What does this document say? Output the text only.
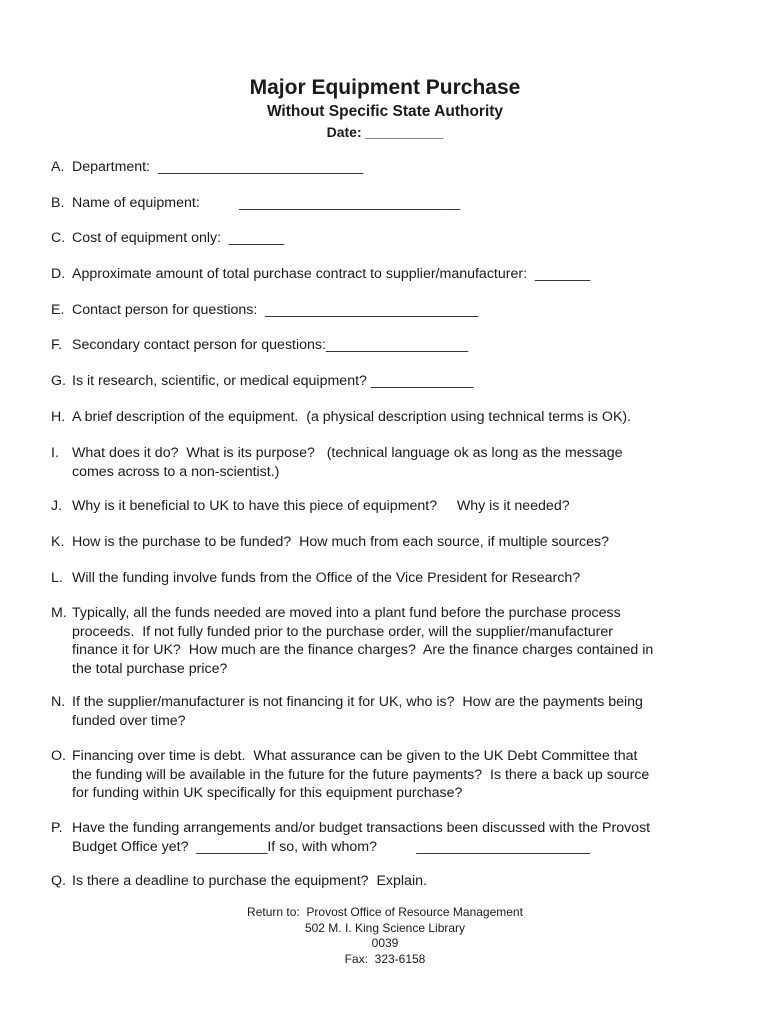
Major Equipment Purchase
Without Specific State Authority
Date: __________

A.

Department:  __________________________

B.

Name of equipment:          ____________________________

C.

Cost of equipment only:  _______

D.

Approximate amount of total purchase contract to supplier/manufacturer:  _______

E.

Contact person for questions:  ___________________________

F.

Secondary contact person for questions:__________________

G.

Is it research, scientific, or medical equipment? _____________

H.

A brief description of the equipment.  (a physical description using technical terms is OK).

I.

What does it do?  What is its purpose?   (technical language ok as long as the message
comes across to a non-scientist.)

J.

Why is it beneficial to UK to have this piece of equipment?     Why is it needed?

K.

How is the purchase to be funded?  How much from each source, if multiple sources?

L.

Will the funding involve funds from the Office of the Vice President for Research?

M.

Typically, all the funds needed are moved into a plant fund before the purchase process
proceeds.  If not fully funded prior to the purchase order, will the supplier/manufacturer
finance it for UK?  How much are the finance charges?  Are the finance charges contained in
the total purchase price?

N.

If the supplier/manufacturer is not financing it for UK, who is?  How are the payments being
funded over time?

O.

Financing over time is debt.  What assurance can be given to the UK Debt Committee that
the funding will be available in the future for the future payments?  Is there a back up source
for funding within UK specifically for this equipment purchase?

P.

Have the funding arrangements and/or budget transactions been discussed with the Provost
Budget Office yet?  _________If so, with whom?          ______________________

Q.

Is there a deadline to purchase the equipment?  Explain.

Return to:  Provost Office of Resource Management
502 M. I. King Science Library
0039
Fax:  323-6158
